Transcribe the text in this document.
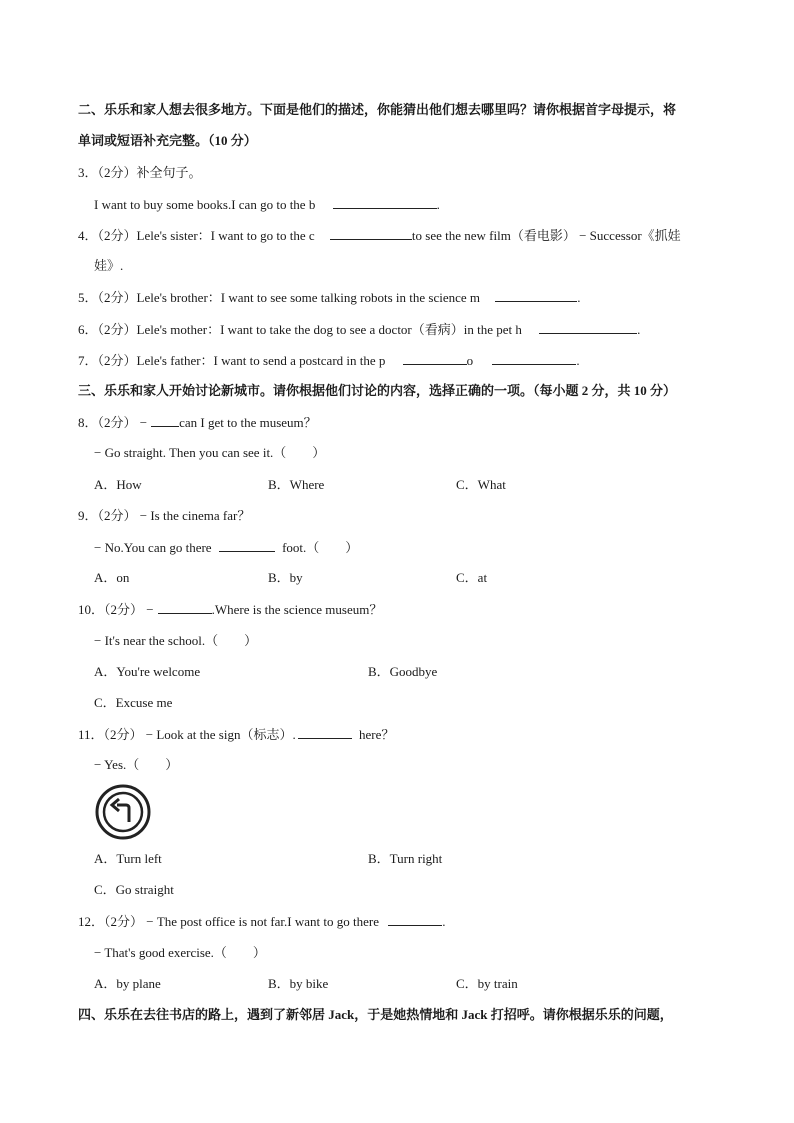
二、乐乐和家人想去很多地方。下面是他们的描述，你能猜出他们想去哪里吗？请你根据首字母提示，将
单词或短语补充完整。（10 分）
3．（2分）补全句子。
I want to buy some books.I can go to the b	.
4．（2分）Lele's sister：I want to go to the c	to see the new film（看电影） − Successor《抓娃
娃》.
5．（2分）Lele's brother：I want to see some talking robots in the science m	.
6．（2分）Lele's mother：I want to take the dog to see a doctor（看病）in the pet h	.
7．（2分）Lele's father：I want to send a postcard in the p	o	.
三、乐乐和家人开始讨论新城市。请你根据他们讨论的内容，选择正确的一项。（每小题 2 分，共 10 分）
8．（2分） − can I get to the museum？
− Go straight. Then you can see it.（　　）
A．How	B．Where	C．What
9．（2分） − Is the cinema far？
− No.You can go there	foot.（　　）
A．on	B．by	C．at
10．（2分） −	.Where is the science museum？
− It's near the school.（　　）
A．You're welcome	B．Goodbye
C．Excuse me
11．（2分） − Look at the sign（标志）.	here？
− Yes.（　　）
A．Turn left	B．Turn right
C．Go straight
12．（2分） − The post office is not far.I want to go there	.
− That's good exercise.（　　）
A．by plane	B．by bike	C．by train
四、乐乐在去往书店的路上，遇到了新邻居 Jack，于是她热情地和 Jack 打招呼。请你根据乐乐的问题，
